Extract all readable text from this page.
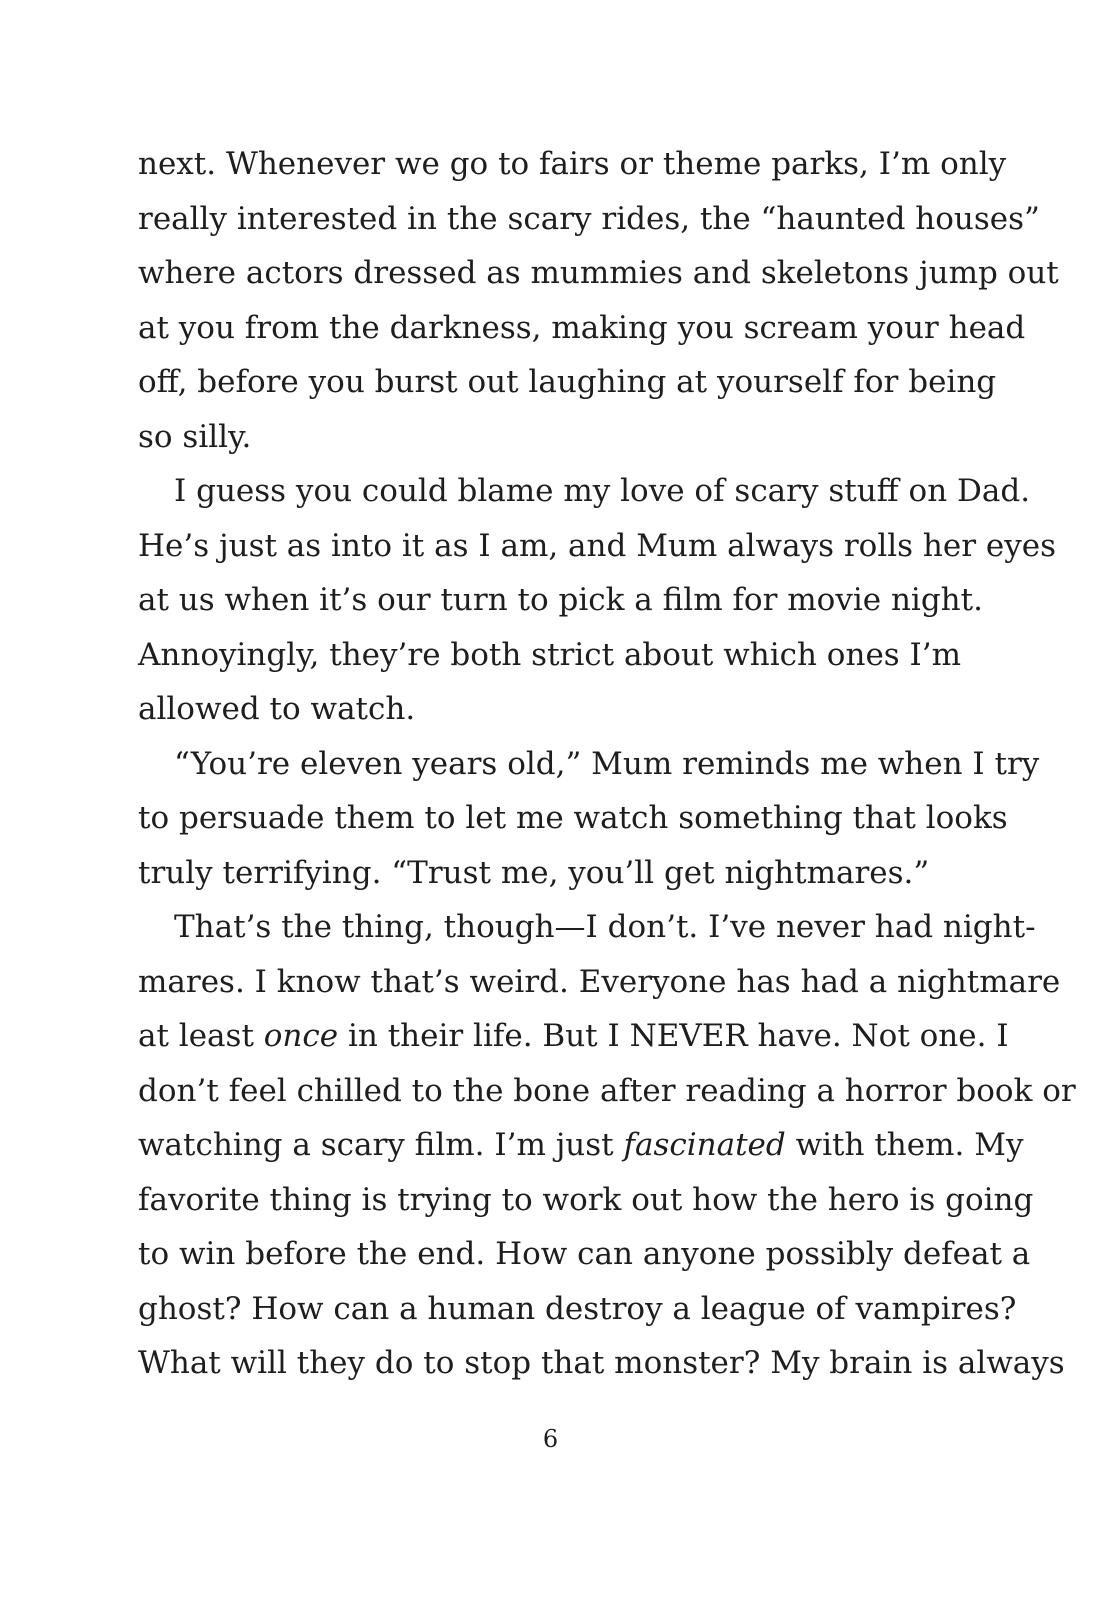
next. Whenever we go to fairs or theme parks, I’m only
really interested in the scary rides, the “haunted houses”
where actors dressed as mummies and skeletons jump out
at you from the darkness, making you scream your head
off, before you burst out laughing at yourself for being
so silly.
I guess you could blame my love of scary stuff on Dad.
He’s just as into it as I am, and Mum always rolls her eyes
at us when it’s our turn to pick a film for movie night.
Annoyingly, they’re both strict about which ones I’m
allowed to watch.
“You’re eleven years old,” Mum reminds me when I try
to persuade them to let me watch something that looks
truly terrifying. “Trust me, you’ll get nightmares.”
That’s the thing, though—I don’t. I’ve never had night-
mares. I know that’s weird. Everyone has had a nightmare
at least once in their life. But I NEVER have. Not one. I
don’t feel chilled to the bone after reading a horror book or
watching a scary film. I’m just fascinated with them. My
favorite thing is trying to work out how the hero is going
to win before the end. How can anyone possibly defeat a
ghost? How can a human destroy a league of vampires?
What will they do to stop that monster? My brain is always
6
